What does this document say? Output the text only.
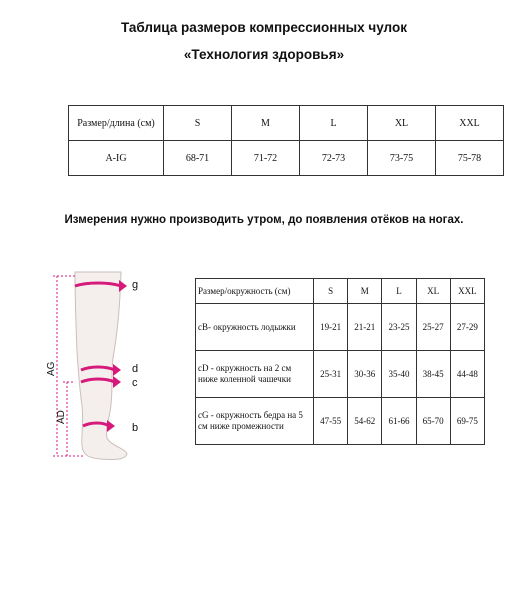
Таблица размеров компрессионных чулок
«Технология здоровья»
Размер/длина (см)	S	M	L	XL	XXL
A-IG	68-71	71-72	72-73	73-75	75-78
Измерения нужно производить утром, до появления отёков на ногах.
g
d
c
b
AG
AD
Размер/окружность (см)	S	M	L	XL	XXL
cB- окружность лодыжки	19-21	21-21	23-25	25-27	27-29
cD - окружность на 2 см ниже коленной чашечки	25-31	30-36	35-40	38-45	44-48
cG - окружность бедра на 5 см ниже промежности	47-55	54-62	61-66	65-70	69-75
